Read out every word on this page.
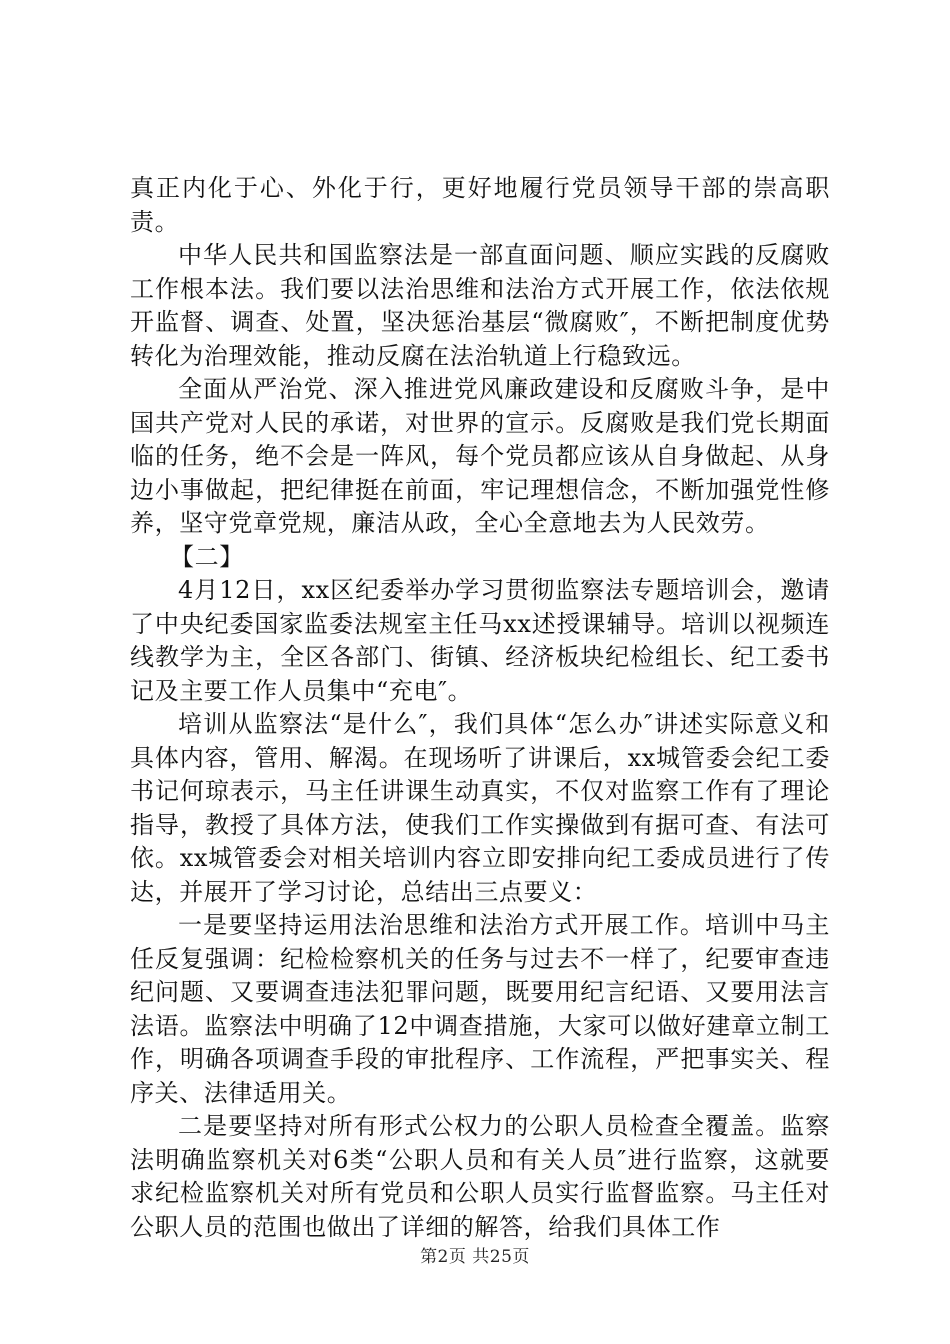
真正内化于心、外化于行，更好地履行党员领导干部的崇高职责。

中华人民共和国监察法是一部直面问题、顺应实践的反腐败工作根本法。我们要以法治思维和法治方式开展工作，依法依规开监督、调查、处置，坚决惩治基层“微腐败″，不断把制度优势转化为治理效能，推动反腐在法治轨道上行稳致远。

全面从严治党、深入推进党风廉政建设和反腐败斗争，是中国共产党对人民的承诺，对世界的宣示。反腐败是我们党长期面临的任务，绝不会是一阵风，每个党员都应该从自身做起、从身边小事做起，把纪律挺在前面，牢记理想信念，不断加强党性修养，坚守党章党规，廉洁从政，全心全意地去为人民效劳。

【二】

4月12日，xx区纪委举办学习贯彻监察法专题培训会，邀请了中央纪委国家监委法规室主任马xx述授课辅导。培训以视频连线教学为主，全区各部门、街镇、经济板块纪检组长、纪工委书记及主要工作人员集中“充电″。

培训从监察法“是什么″，我们具体“怎么办″讲述实际意义和具体内容，管用、解渴。在现场听了讲课后，xx城管委会纪工委书记何琼表示，马主任讲课生动真实，不仅对监察工作有了理论指导，教授了具体方法，使我们工作实操做到有据可查、有法可依。xx城管委会对相关培训内容立即安排向纪工委成员进行了传达，并展开了学习讨论，总结出三点要义：

一是要坚持运用法治思维和法治方式开展工作。培训中马主任反复强调：纪检检察机关的任务与过去不一样了，纪要审查违纪问题、又要调查违法犯罪问题，既要用纪言纪语、又要用法言法语。监察法中明确了12中调查措施，大家可以做好建章立制工作，明确各项调查手段的审批程序、工作流程，严把事实关、程序关、法律适用关。

二是要坚持对所有形式公权力的公职人员检查全覆盖。监察法明确监察机关对6类“公职人员和有关人员″进行监察，这就要求纪检监察机关对所有党员和公职人员实行监督监察。马主任对公职人员的范围也做出了详细的解答，给我们具体工作

第2页 共25页
